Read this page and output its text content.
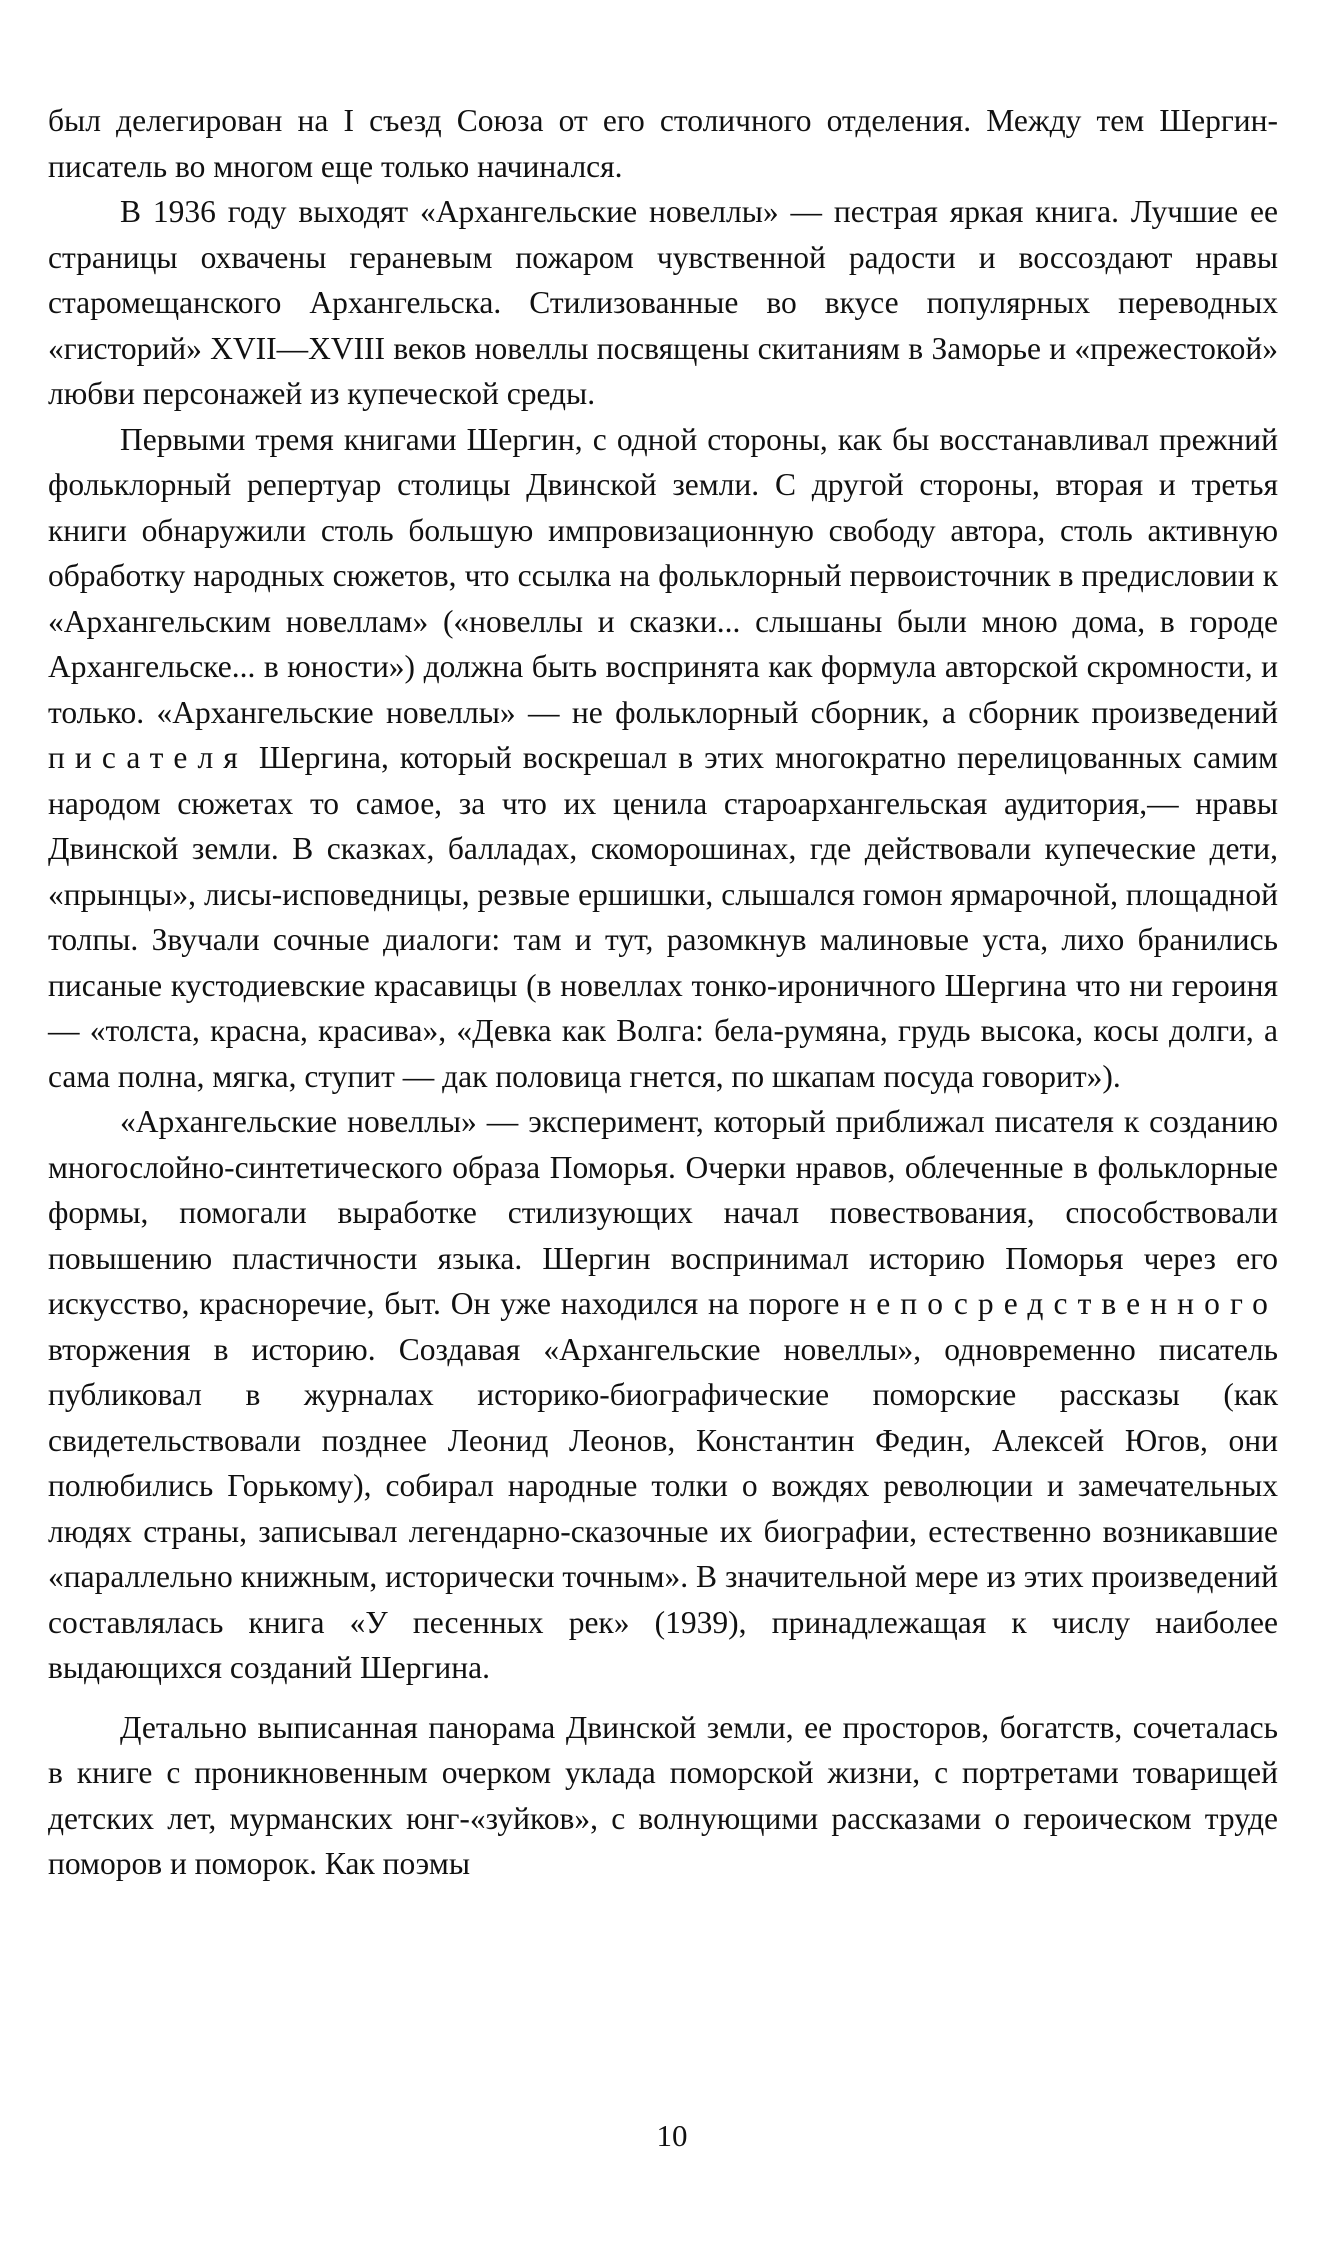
был делегирован на I съезд Союза от его столичного отделения. Между тем Шергин-писатель во многом еще только начинался.

В 1936 году выходят «Архангельские новеллы» — пестрая яркая книга. Лучшие ее страницы охвачены гераневым пожаром чувственной радости и воссоздают нравы старомещанского Архангельска. Стилизованные во вкусе популярных переводных «гисторий» XVII—XVIII веков новеллы посвящены скитаниям в Заморье и «прежестокой» любви персонажей из купеческой среды.

Первыми тремя книгами Шергин, с одной стороны, как бы восстанавливал прежний фольклорный репертуар столицы Двинской земли. С другой стороны, вторая и третья книги обнаружили столь большую импровизационную свободу автора, столь активную обработку народных сюжетов, что ссылка на фольклорный первоисточник в предисловии к «Архангельским новеллам» («новеллы и сказки... слышаны были мною дома, в городе Архангельске... в юности») должна быть воспринята как формула авторской скромности, и только. «Архангельские новеллы» — не фольклорный сборник, а сборник произведений писателя Шергина, который воскрешал в этих многократно перелицованных самим народом сюжетах то самое, за что их ценила староархангельская аудитория,— нравы Двинской земли. В сказках, балладах, скоморошинах, где действовали купеческие дети, «прынцы», лисы-исповедницы, резвые ершишки, слышался гомон ярмарочной, площадной толпы. Звучали сочные диалоги: там и тут, разомкнув малиновые уста, лихо бранились писаные кустодиевские красавицы (в новеллах тонко-ироничного Шергина что ни героиня — «толста, красна, красива», «Девка как Волга: бела-румяна, грудь высока, косы долги, а сама полна, мягка, ступит — дак половица гнется, по шкапам посуда говорит»).

«Архангельские новеллы» — эксперимент, который приближал писателя к созданию многослойно-синтетического образа Поморья. Очерки нравов, облеченные в фольклорные формы, помогали выработке стилизующих начал повествования, способствовали повышению пластичности языка. Шергин воспринимал историю Поморья через его искусство, красноречие, быт. Он уже находился на пороге непосредственного вторжения в историю. Создавая «Архангельские новеллы», одновременно писатель публиковал в журналах историко-биографические поморские рассказы (как свидетельствовали позднее Леонид Леонов, Константин Федин, Алексей Югов, они полюбились Горькому), собирал народные толки о вождях революции и замечательных людях страны, записывал легендарно-сказочные их биографии, естественно возникавшие «параллельно книжным, исторически точным». В значительной мере из этих произведений составлялась книга «У песенных рек» (1939), принадлежащая к числу наиболее выдающихся созданий Шергина.

Детально выписанная панорама Двинской земли, ее просторов, богатств, сочеталась в книге с проникновенным очерком уклада поморской жизни, с портретами товарищей детских лет, мурманских юнг-«зуйков», с волнующими рассказами о героическом труде поморов и поморок. Как поэмы

10
